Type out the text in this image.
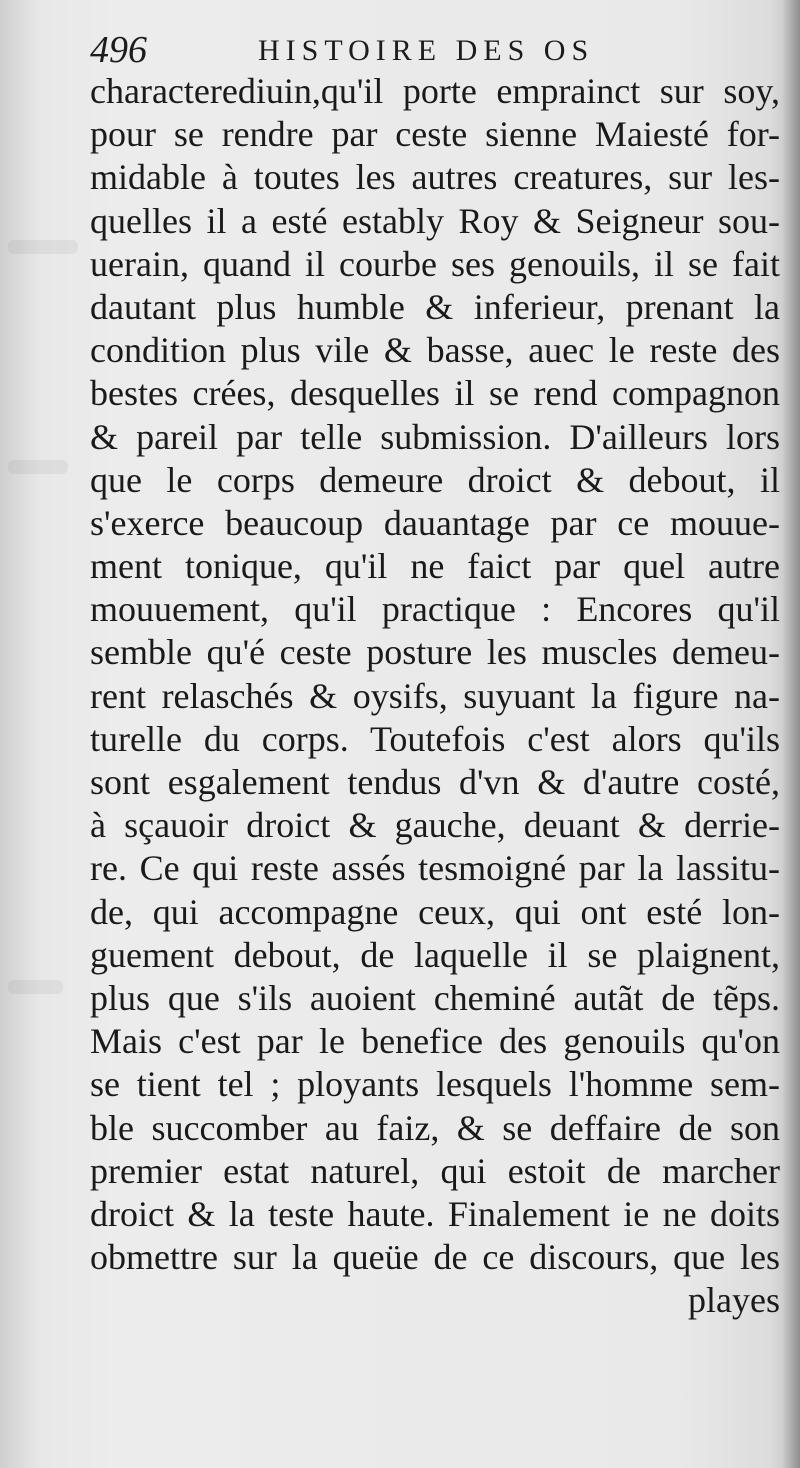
496	HISTOIRE DES OS
characterediuin,qu'il porte emprainct sur soy,
pour se rendre par ceste sienne Maiesté for-
midable à toutes les autres creatures, sur les-
quelles il a esté estably Roy & Seigneur sou-
uerain, quand il courbe ses genouils, il se fait
dautant plus humble & inferieur, prenant la
condition plus vile & basse, auec le reste des
bestes crées, desquelles il se rend compagnon
& pareil par telle submission. D'ailleurs lors
que le corps demeure droict & debout, il
s'exerce beaucoup dauantage par ce mouue-
ment tonique, qu'il ne faict par quel autre
mouuement, qu'il practique : Encores qu'il
semble qu'é ceste posture les muscles demeu-
rent relaschés & oysifs, suyuant la figure na-
turelle du corps. Toutefois c'est alors qu'ils
sont esgalement tendus d'vn & d'autre costé,
à sçauoir droict & gauche, deuant & derrie-
re. Ce qui reste assés tesmoigné par la lassitu-
de, qui accompagne ceux, qui ont esté lon-
guement debout, de laquelle il se plaignent,
plus que s'ils auoient cheminé autãt de tẽps.
Mais c'est par le benefice des genouils qu'on
se tient tel ; ployants lesquels l'homme sem-
ble succomber au faiz, & se deffaire de son
premier estat naturel, qui estoit de marcher
droict & la teste haute. Finalement ie ne doits
obmettre sur la queüe de ce discours, que les
playes
